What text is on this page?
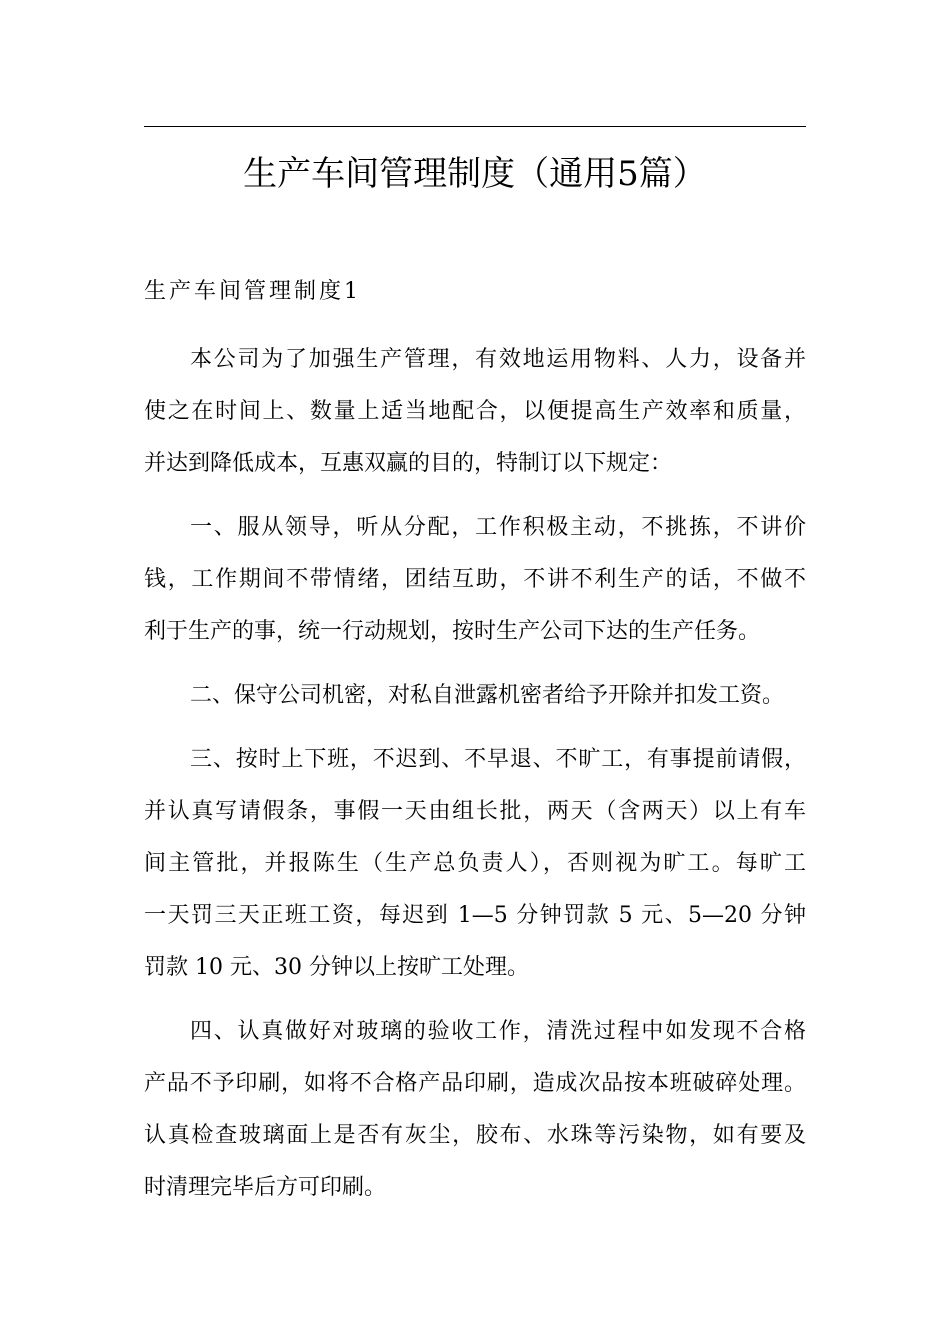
生产车间管理制度（通用5篇）
生产车间管理制度1

本公司为了加强生产管理，有效地运用物料、人力，设备并
使之在时间上、数量上适当地配合，以便提高生产效率和质量，
并达到降低成本，互惠双赢的目的，特制订以下规定：

一、服从领导，听从分配，工作积极主动，不挑拣，不讲价
钱，工作期间不带情绪，团结互助，不讲不利生产的话，不做不
利于生产的事，统一行动规划，按时生产公司下达的生产任务。

二、保守公司机密，对私自泄露机密者给予开除并扣发工资。

三、按时上下班，不迟到、不早退、不旷工，有事提前请假，
并认真写请假条，事假一天由组长批，两天（含两天）以上有车
间主管批，并报陈生（生产总负责人），否则视为旷工。每旷工
一天罚三天正班工资，每迟到 1—5 分钟罚款 5 元、5—20 分钟
罚款 10 元、30 分钟以上按旷工处理。

四、认真做好对玻璃的验收工作，清洗过程中如发现不合格
产品不予印刷，如将不合格产品印刷，造成次品按本班破碎处理。
认真检查玻璃面上是否有灰尘，胶布、水珠等污染物，如有要及
时清理完毕后方可印刷。
